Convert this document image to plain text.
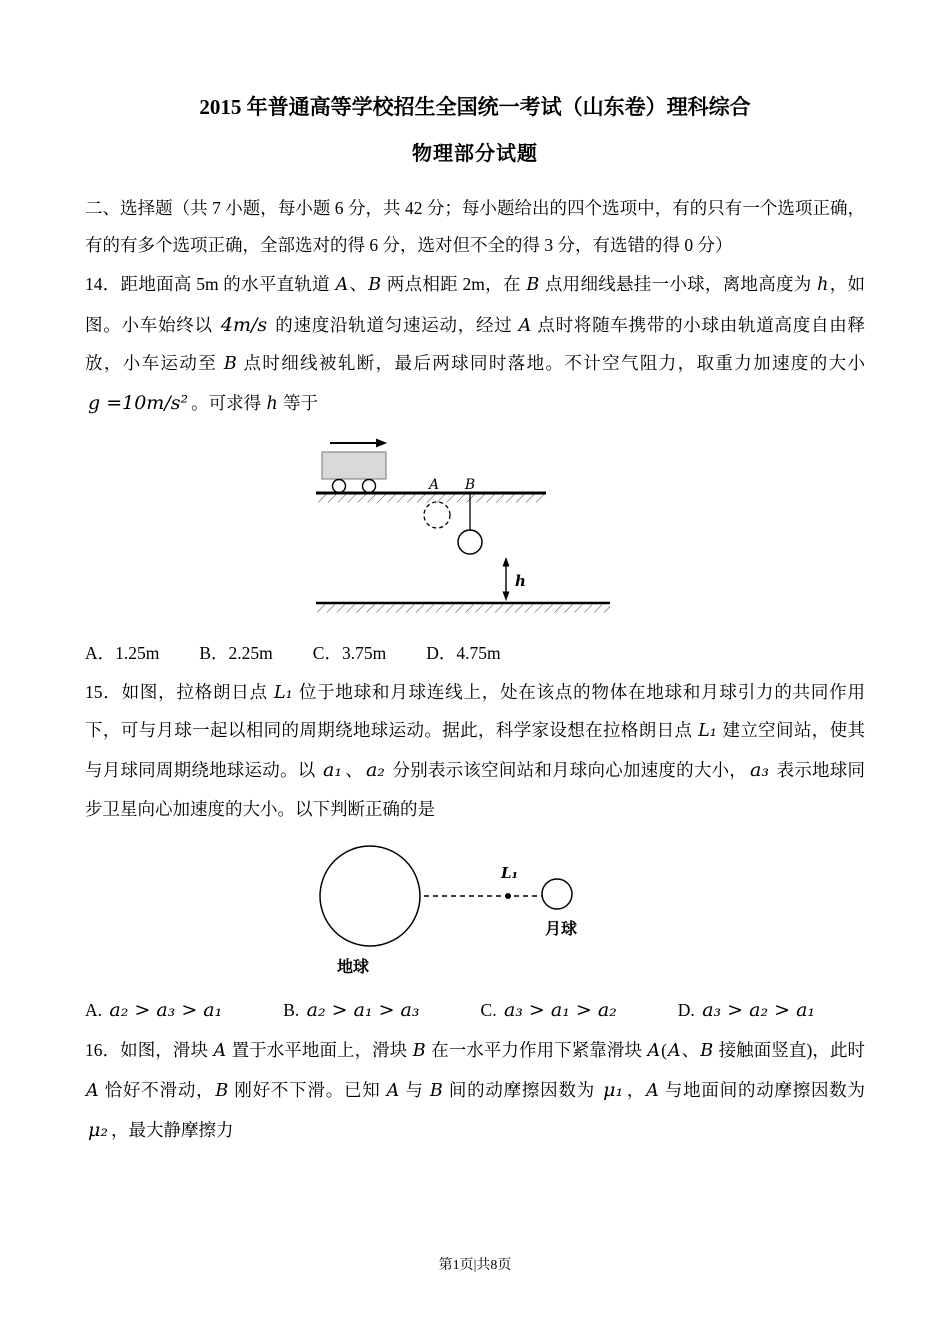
2015 年普通高等学校招生全国统一考试（山东卷）理科综合
物理部分试题

二、选择题（共 7 小题，每小题 6 分，共 42 分；每小题给出的四个选项中，有的只有一个选项正确，有的有多个选项正确，全部选对的得 6 分，选对但不全的得 3 分，有选错的得 0 分）

14．距地面高 5m 的水平直轨道 A、B 两点相距 2m，在 B 点用细线悬挂一小球，离地高度为 h，如图。小车始终以 4m/s 的速度沿轨道匀速运动，经过 A 点时将随车携带的小球由轨道高度自由释放，小车运动至 B 点时细线被轧断，最后两球同时落地。不计空气阻力，取重力加速度的大小 g =10m/s² 。可求得 h 等于

A B
h
A．1.25m B．2.25m C．3.75m D．4.75m

15．如图，拉格朗日点 L₁ 位于地球和月球连线上，处在该点的物体在地球和月球引力的共同作用下，可与月球一起以相同的周期绕地球运动。据此，科学家设想在拉格朗日点 L₁ 建立空间站，使其与月球同周期绕地球运动。以 a₁ 、 a₂ 分别表示该空间站和月球向心加速度的大小， a₃ 表示地球同步卫星向心加速度的大小。以下判断正确的是

L₁
地球
月球
A. a₂ > a₃ > a₁	B. a₂ > a₁ > a₃	C. a₃ > a₁ > a₂	D. a₃ > a₂ > a₁

16．如图，滑块 A 置于水平地面上，滑块 B 在一水平力作用下紧靠滑块 A(A、B 接触面竖直)，此时 A 恰好不滑动，B 刚好不下滑。已知 A 与 B 间的动摩擦因数为 μ₁ ，A 与地面间的动摩擦因数为 μ₂ ，最大静摩擦力

第1页|共8页
